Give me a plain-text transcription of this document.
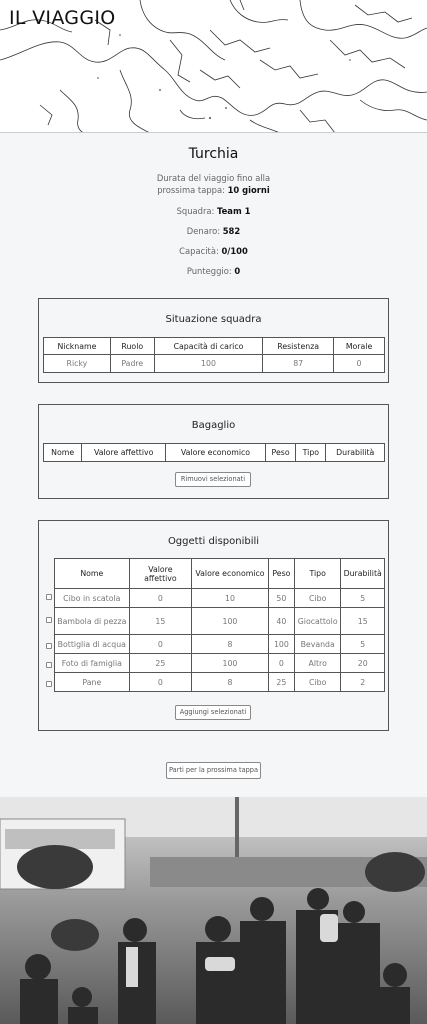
IL VIAGGIO
Turchia
Durata del viaggio fino alla
prossima tappa: 10 giorni
Squadra: Team 1
Denaro: 582
Capacità: 0/100
Punteggio: 0
Situazione squadra
Nickname	Ruolo	Capacità di carico	Resistenza	Morale
Ricky	Padre	100	87	0
Bagaglio
Nome	Valore affettivo	Valore economico	Peso	Tipo	Durabilità
Rimuovi selezionati
Oggetti disponibili
Nome	Valore affettivo	Valore economico	Peso	Tipo	Durabilità
Cibo in scatola	0	10	50	Cibo	5
Bambola di pezza	15	100	40	Giocattolo	15
Bottiglia di acqua	0	8	100	Bevanda	5
Foto di famiglia	25	100	0	Altro	20
Pane	0	8	25	Cibo	2
Aggiungi selezionati
Parti per la prossima tappa
